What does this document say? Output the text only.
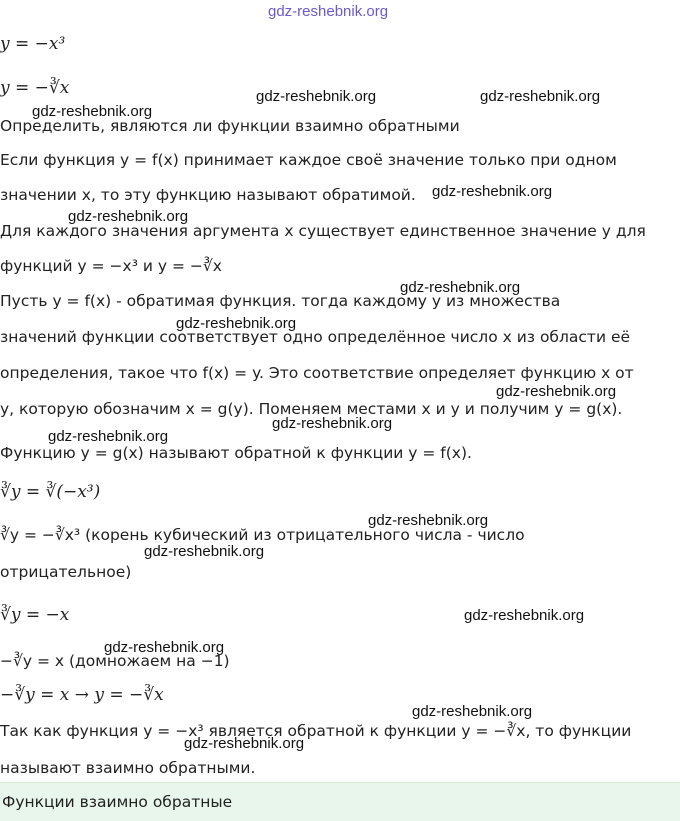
gdz-reshebnik.org
y = −x³
y = −∛x
gdz-reshebnik.org
gdz-reshebnik.org	gdz-reshebnik.org
Определить, являются ли функции взаимно обратными
Если функция y = f(x) принимает каждое своё значение только при одном
значении x, то эту функцию называют обратимой.	gdz-reshebnik.org
gdz-reshebnik.org
Для каждого значения аргумента x существует единственное значение y для
функций y = −x³ и y = −∛x
gdz-reshebnik.org
Пусть y = f(x) - обратимая функция. тогда каждому y из множества
gdz-reshebnik.org
значений функции соответствует одно определённое число x из области её
определения, такое что f(x) = y. Это соответствие определяет функцию x от
gdz-reshebnik.org
y, которую обозначим x = g(y). Поменяем местами x и y и получим y = g(x).
gdz-reshebnik.org
gdz-reshebnik.org
Функцию y = g(x) называют обратной к функции y = f(x).
∛y = ∛(−x³)
gdz-reshebnik.org
∛y = −∛x³ (корень кубический из отрицательного числа - число
gdz-reshebnik.org
отрицательное)
∛y = −x	gdz-reshebnik.org
gdz-reshebnik.org
−∛y = x (домножаем на −1)
−∛y = x → y = −∛x
gdz-reshebnik.org
Так как функция y = −x³ является обратной к функции y = −∛x, то функции
gdz-reshebnik.org
называют взаимно обратными.
Функции взаимно обратные
